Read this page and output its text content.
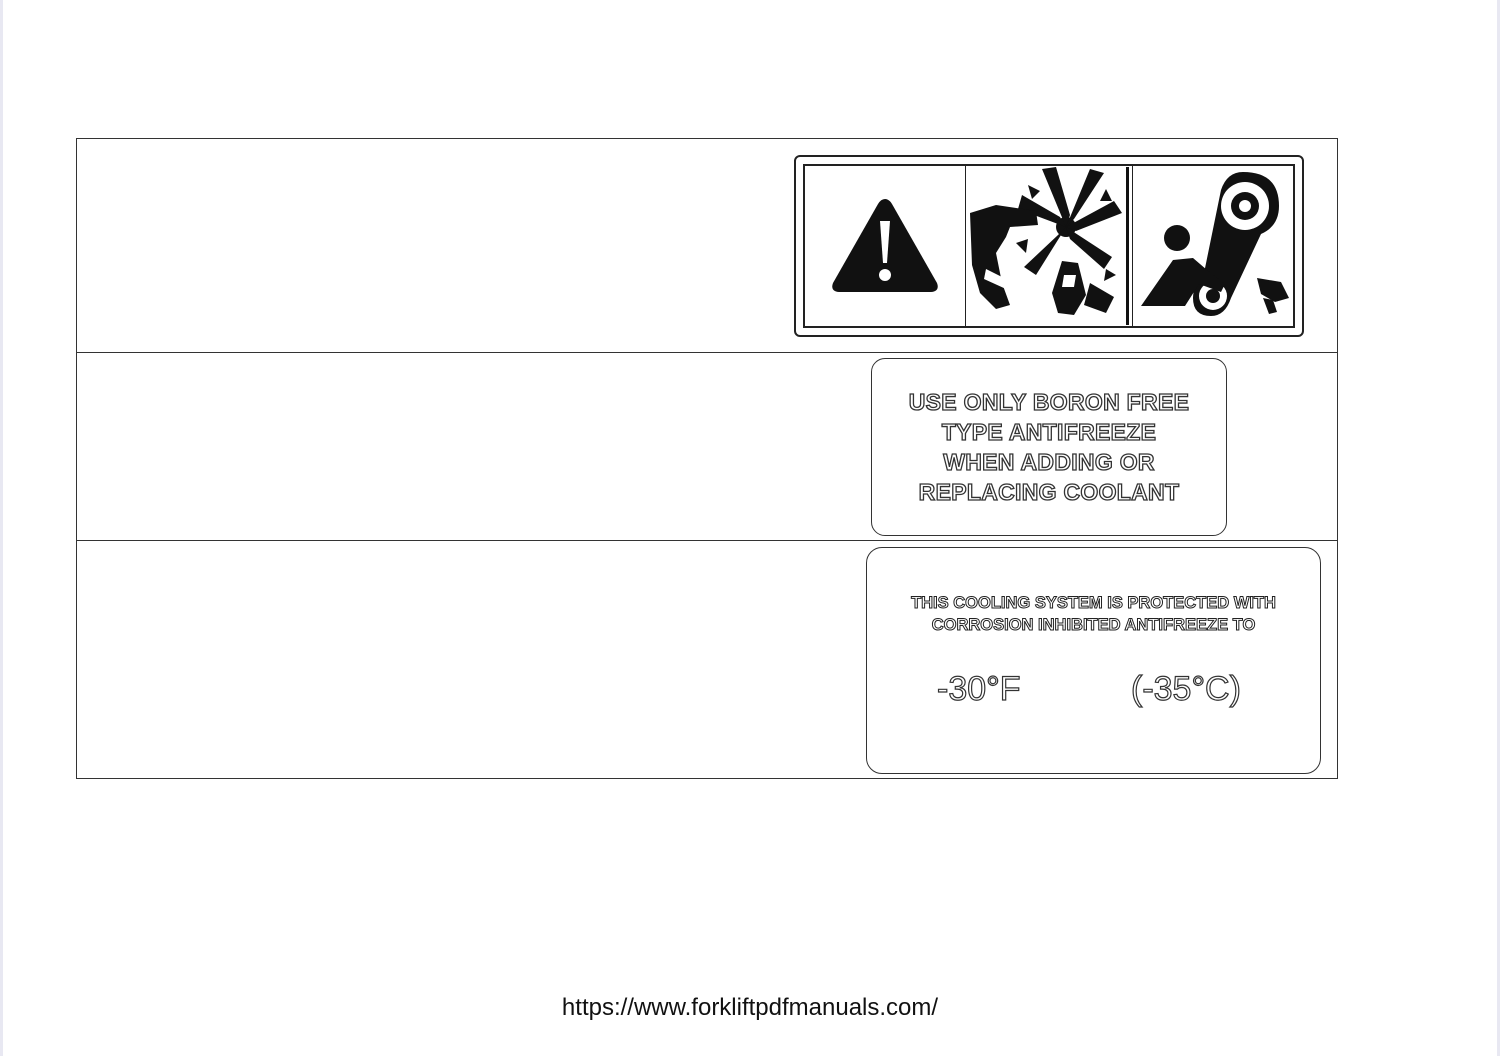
USE ONLY BORON FREE
TYPE ANTIFREEZE
WHEN ADDING OR
REPLACING COOLANT
THIS COOLING SYSTEM IS PROTECTED WITH
CORROSION INHIBITED ANTIFREEZE TO
-30°F	(-35°C)
https://www.forkliftpdfmanuals.com/
